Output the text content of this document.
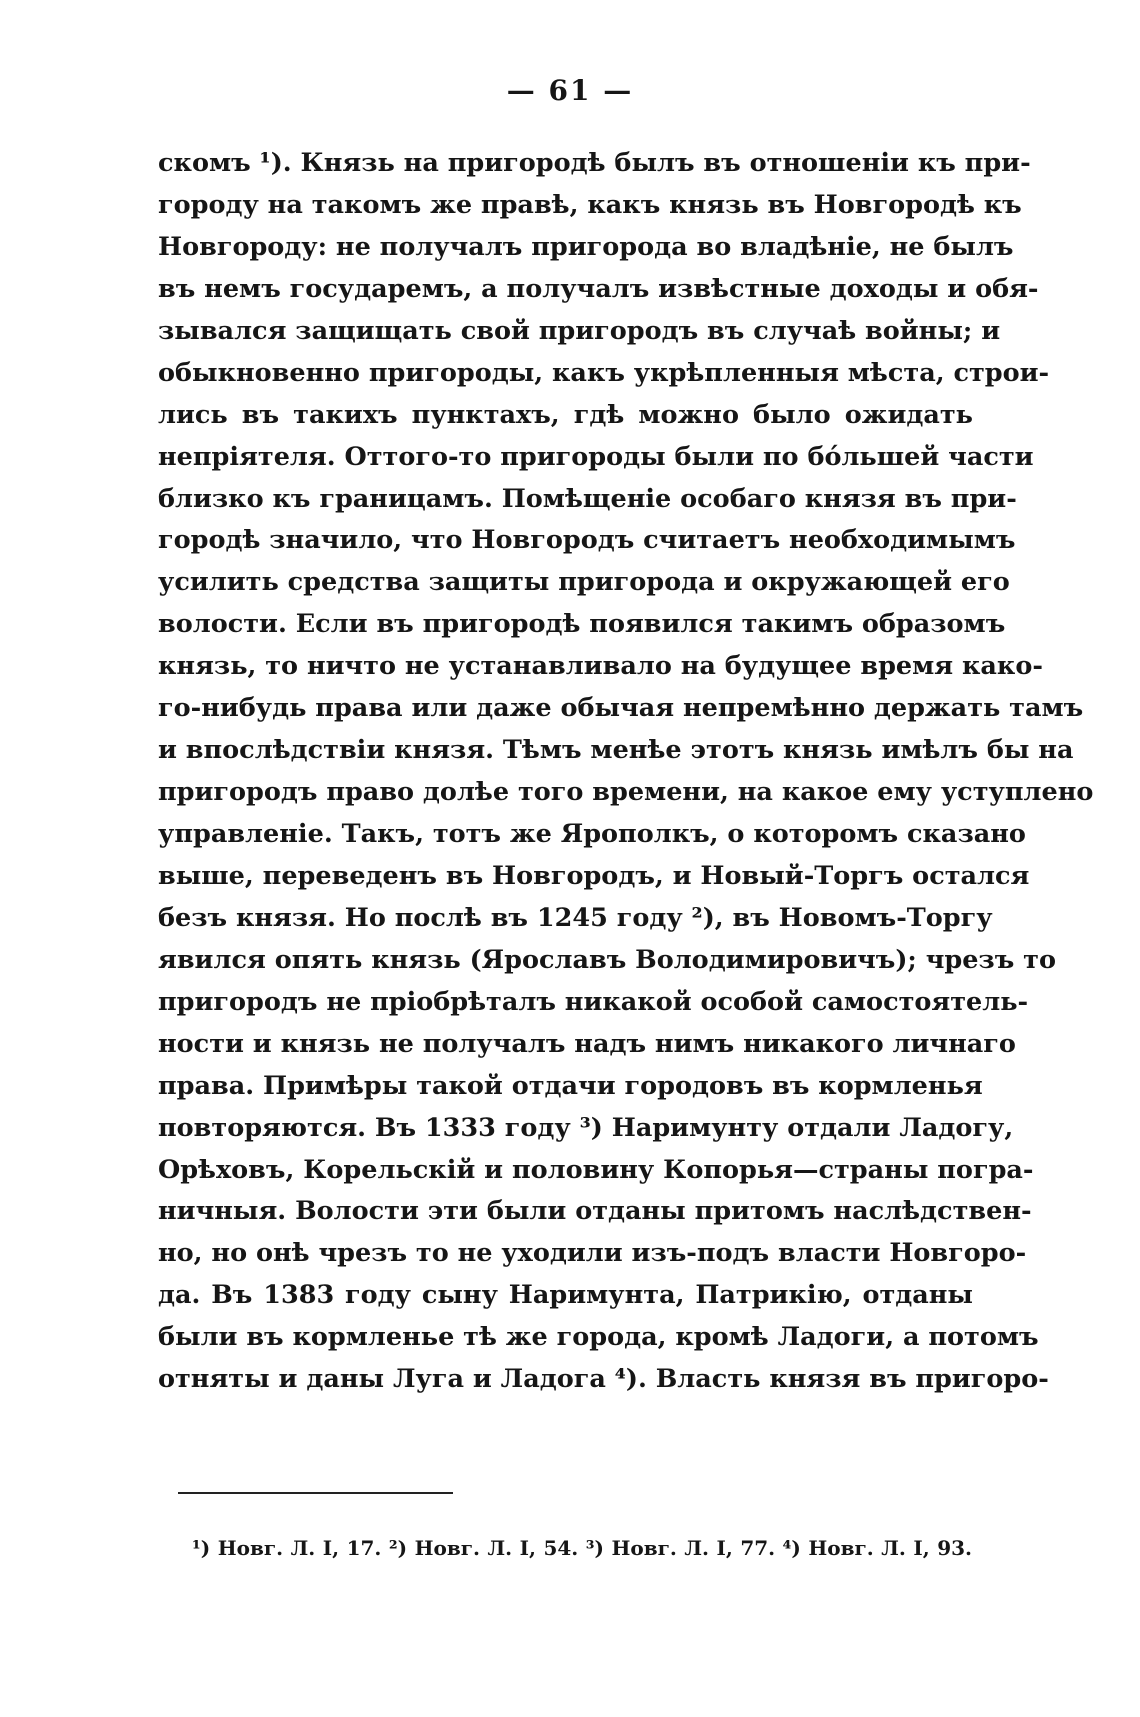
— 61 —
скомъ ¹). Князь на пригородѣ былъ въ отношеніи къ при-
городу на такомъ же правѣ, какъ князь въ Новгородѣ къ
Новгороду: не получалъ пригорода во владѣніе, не былъ
въ немъ государемъ, а получалъ извѣстные доходы и обя-
зывался защищать свой пригородъ въ случаѣ войны; и
обыкновенно пригороды, какъ укрѣпленныя мѣста, строи-
лись въ такихъ пунктахъ, гдѣ можно было ожидать
непріятеля. Оттого-то пригороды были по бо́льшей части
близко къ границамъ. Помѣщеніе особаго князя въ при-
городѣ значило, что Новгородъ считаетъ необходимымъ
усилить средства защиты пригорода и окружающей его
волости. Если въ пригородѣ появился такимъ образомъ
князь, то ничто не устанавливало на будущее время како-
го-нибудь права или даже обычая непремѣнно держать тамъ
и впослѣдствіи князя. Тѣмъ менѣе этотъ князь имѣлъ бы на
пригородъ право долѣе того времени, на какое ему уступлено
управленіе. Такъ, тотъ же Ярополкъ, о которомъ сказано
выше, переведенъ въ Новгородъ, и Новый-Торгъ остался
безъ князя. Но послѣ въ 1245 году ²), въ Новомъ-Торгу
явился опять князь (Ярославъ Володимировичъ); чрезъ то
пригородъ не пріобрѣталъ никакой особой самостоятель-
ности и князь не получалъ надъ нимъ никакого личнаго
права. Примѣры такой отдачи городовъ въ кормленья
повторяются. Въ 1333 году ³) Наримунту отдали Ладогу,
Орѣховъ, Корельскій и половину Копорья—страны погра-
ничныя. Волости эти были отданы притомъ наслѣдствен-
но, но онѣ чрезъ то не уходили изъ-подъ власти Новгоро-
да. Въ 1383 году сыну Наримунта, Патрикію, отданы
были въ кормленье тѣ же города, кромѣ Ладоги, а потомъ
отняты и даны Луга и Ладога ⁴). Власть князя въ пригоро-
¹) Новг. Л. I, 17. ²) Новг. Л. I, 54. ³) Новг. Л. I, 77. ⁴) Новг. Л. I, 93.
